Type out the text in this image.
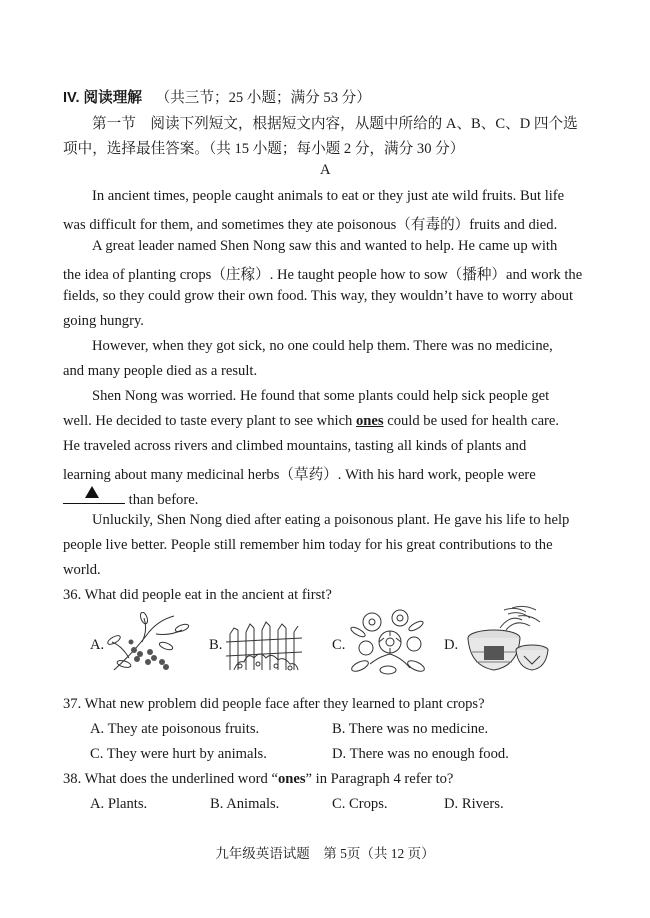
IV. 阅读理解 （共三节；25 小题；满分 53 分）
第一节　阅读下列短文，根据短文内容，从题中所给的 A、B、C、D 四个选
项中，选择最佳答案。（共 15 小题；每小题 2 分，满分 30 分）
A
In ancient times, people caught animals to eat or they just ate wild fruits. But life
was difficult for them, and sometimes they ate poisonous（有毒的）fruits and died.
A great leader named Shen Nong saw this and wanted to help. He came up with
the idea of planting crops（庄稼）. He taught people how to sow（播种）and work the
fields, so they could grow their own food. This way, they wouldn’t have to worry about
going hungry.
However, when they got sick, no one could help them. There was no medicine,
and many people died as a result.
Shen Nong was worried. He found that some plants could help sick people get
well. He decided to taste every plant to see which ones could be used for health care.
He traveled across rivers and climbed mountains, tasting all kinds of plants and
learning about many medicinal herbs（草药）. With his hard work, people were
than before.
Unluckily, Shen Nong died after eating a poisonous plant. He gave his life to help
people live better. People still remember him today for his great contributions to the
world.
36. What did people eat in the ancient at first?
A.	B.	C.	D.
37. What new problem did people face after they learned to plant crops?
A. They ate poisonous fruits.	B. There was no medicine.
C. They were hurt by animals.	D. There was no enough food.
38. What does the underlined word “ones” in Paragraph 4 refer to?
A. Plants.	B. Animals.	C. Crops.	D. Rivers.
九年级英语试题　第 5页（共 12 页）
